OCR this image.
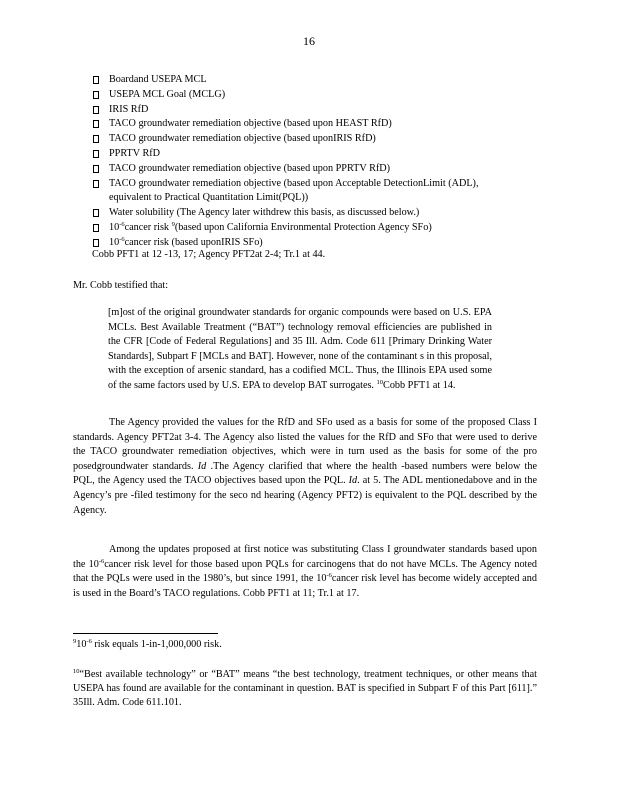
16
Boardand USEPA MCL
USEPA MCL Goal (MCLG)
IRIS RfD
TACO groundwater remediation objective (based upon HEAST RfD)
TACO groundwater remediation objective (based uponIRIS RfD)
PPRTV RfD
TACO groundwater remediation objective (based upon PPRTV RfD)
TACO groundwater remediation objective (based upon Acceptable DetectionLimit (ADL), equivalent to Practical Quantitation Limit(PQL))
Water solubility (The Agency later withdrew this basis, as discussed below.)
$10^{-6}cancer$ risk $^9$(based upon California Environmental Protection Agency SFo)
$10^{-6}cancer$ risk (based uponIRIS SFo)
Cobb PFT1 at 12 -13, 17; Agency PFT2at 2-4; Tr.1 at 44.
Mr. Cobb testified that:
[m]ost of the original groundwater standards for organic compounds were based on U.S. EPA MCLs. Best Available Treatment (“BAT”) technology removal efficiencies are published in the CFR [Code of Federal Regulations] and 35 Ill. Adm. Code 611 [Primary Drinking Water Standards], Subpart F [MCLs and BAT]. However, none of the contaminant s in this proposal, with the exception of arsenic standard, has a codified MCL. Thus, the Illinois EPA used some of the same factors used by U.S. EPA to develop BAT surrogates. $^{10}$Cobb PFT1 at 14.

The Agency provided the values for the RfD and SFo used as a basis for some of the proposed Class I standards. Agency PFT2at 3-4. The Agency also listed the values for the RfD and SFo that were used to derive the TACO groundwater remediation objectives, which were in turn used as the basis for some of the pro posedgroundwater standards. Id .The Agency clarified that where the health -based numbers were below the PQL, the Agency used the TACO objectives based upon the PQL. Id. at 5. The ADL mentionedabove and in the Agency’s pre -filed testimony for the seco nd hearing (Agency PFT2) is equivalent to the PQL described by the Agency.

Among the updates proposed at first notice was substituting Class I groundwater standards based upon the $10^{-6}cancer$ risk level for those based upon PQLs for carcinogens that do not have MCLs. The Agency noted that the PQLs were used in the 1980’s, but since 1991, the $10^{-6}cancer$ risk level has become widely accepted and is used in the Board’s TACO regulations. Cobb PFT1 at 11; Tr.1 at 17.

$^910^{-6}$ risk equals 1-in-1,000,000 risk.

$^{10}$“Best available technology” or “BAT” means “the best technology, treatment techniques, or other means that USEPA has found are available for the contaminant in question. BAT is specified in Subpart F of this Part [611].” 35Ill. Adm. Code 611.101.
